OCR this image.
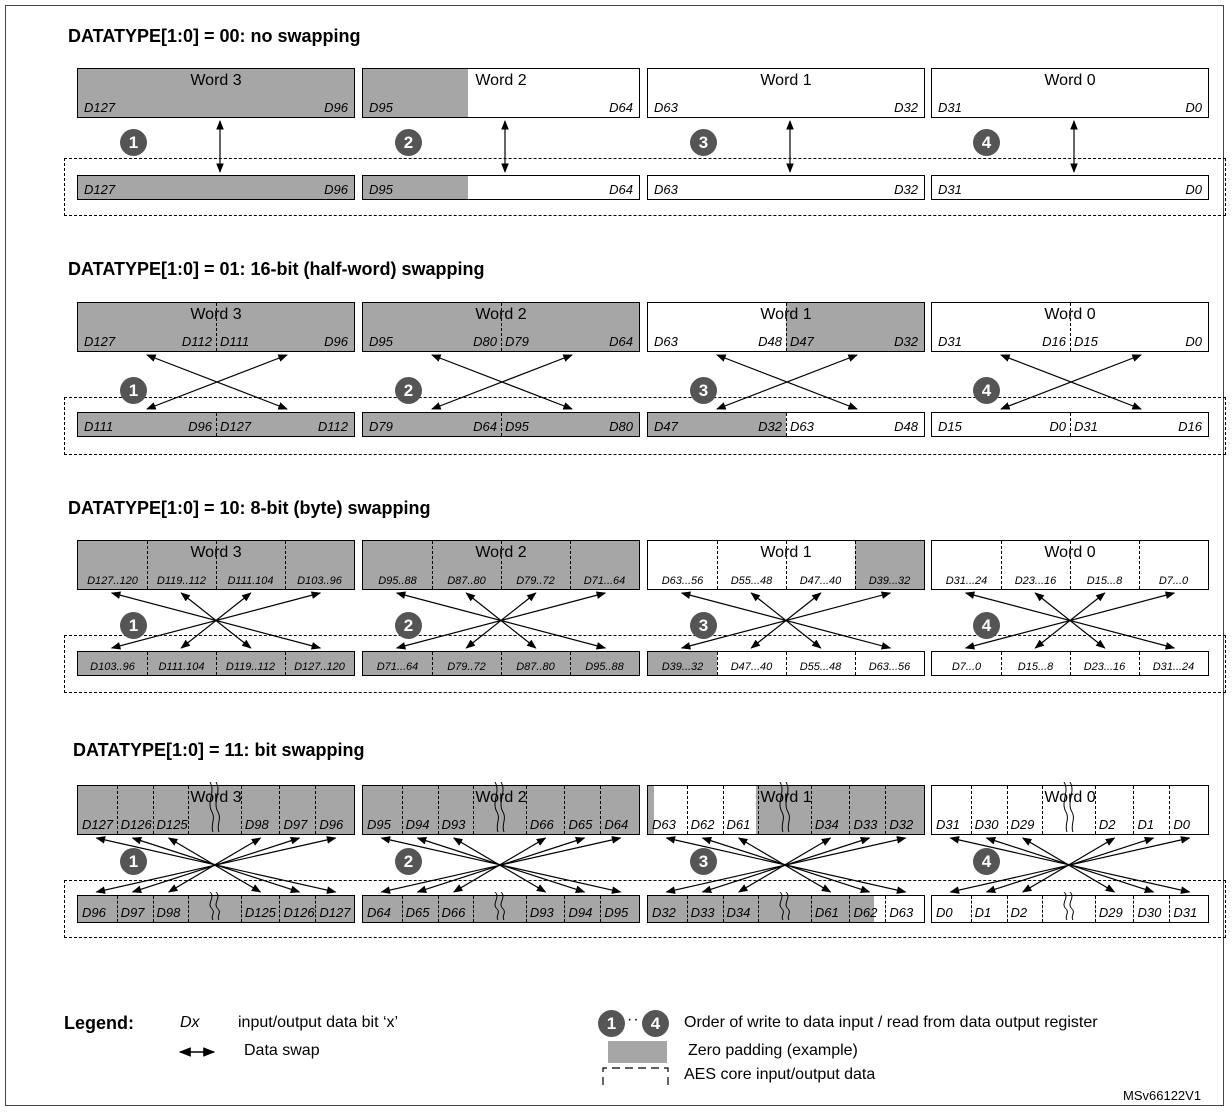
DATATYPE[1:0] = 00: no swapping
D127	D96
Word 3
D127	D96
1
D95	D64
Word 2
D95	D64
2
D63	D32
Word 1
D63	D32
3
D31	D0
Word 0
D31	D0
4
DATATYPE[1:0] = 01: 16-bit (half-word) swapping
D127	D112 D111	D96
Word 3
D111	D96 D127	D112
1
D95	D80 D79	D64
Word 2
D79	D64 D95	D80
2
D63	D48 D47	D32
Word 1
D47	D32 D63	D48
3
D31	D16 D15	D0
Word 0
D15	D0 D31	D16
4
DATATYPE[1:0] = 10: 8-bit (byte) swapping
D127..120	D119..112	D111.104	D103..96
Word 3
D103..96	D111.104	D119..112	D127..120
1
D95..88	D87..80	D79..72	D71...64
Word 2
D71...64	D79..72	D87..80	D95..88
2
D63...56	D55...48	D47...40	D39...32
Word 1
D39...32	D47...40	D55...48	D63...56
3
D31...24	D23...16	D15...8	D7...0
Word 0
D7...0	D15...8	D23...16	D31...24
4
DATATYPE[1:0] = 11: bit swapping
D127 D126 D125	D98 D97 D96
Word 3
D96 D97 D98	D125 D126 D127
1
D95 D94 D93	D66 D65 D64
Word 2
D64 D65 D66	D93 D94 D95
2
D63 D62 D61	D34 D33 D32
Word 1
D32 D33 D34	D61 D62 D63
3
D31 D30 D29	D2 D1 D0
Word 0
D0 D1 D2	D29 D30 D31
4
Legend:	Dx input/output data bit ‘x’
Data swap
1 ·· 4	Order of write to data input / read from data output register
Zero padding (example)
AES core input/output data
MSv66122V1
